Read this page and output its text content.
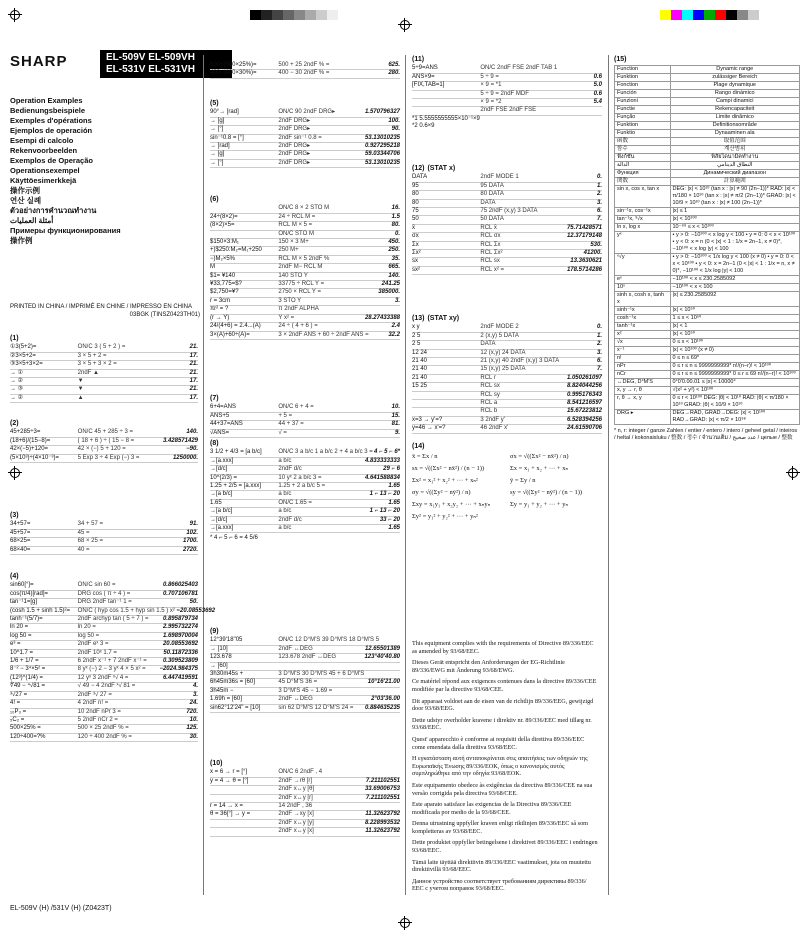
SHARP	EL-509V EL-509VH
EL-531V EL-531VH
Operation Examples
Bedienungsbeispiele
Exemples d'opérations
Ejemplos de operación
Esempi di calcolo
Rekenvoorbeelden
Exemplos de Operação
Operationsexempel
Käyttöesimerkkejä
操作示例
연산 실례
ตัวอย่างการคำนวณทำงาน
أمثلة العمليات
Примеры функционирования
操作例
PRINTED IN CHINA / IMPRIMÉ EN CHINE / IMPRESSO EN CHINA
03BGK (TINSZ0423TH01)
EL-509V (H) /531V (H) (Z0423T)
(1)
①3(5+2)=	ON/C 3 ( 5 + 2 ) =	21.
②3×5+2=	3 × 5 + 2 =	17.
③3×5+3×2=	3 × 5 + 3 × 2 =	21.
→ ①	2ndF ▲	21.
→ ②	▼	17.
→ ③	▼	21.
→ ②	▲	17.
(2)
45+285÷3=	ON/C 45 + 285 ÷ 3 =	140.
(18+6)/(15−8)=	( 18 + 6 ) ÷ ( 15 − 8 =	3.428571429
42×(−5)+120=	42 × (−) 5 + 120 =	−90.
(5×10³)÷(4×10⁻³)=	5 Exp 3 ÷ 4 Exp (−) 3 =	1250000.
(3)
34+57=	34 + 57 =	91.
45+57=	45 =	102.
68×25=	68 × 25 =	1700.
68×40=	40 =	2720.
(4)
sin60[°]=	ON/C sin 60 =	0.866025403
cos(π/4)[rad]=	DRG cos ( π ÷ 4 ) =	0.707106781
tan⁻¹1=[g]	DRG 2ndF tan⁻¹ 1 =	50.
(cosh 1.5 + sinh 1.5)²=	ON/C ( hyp cos 1.5 + hyp sin 1.5 ) x² = 20.08553692
tanh⁻¹(5/7)=	2ndF archyp tan ( 5 ÷ 7 ) =	0.895879734
ln 20 =	ln 20 =	2.995732274
log 50 =	log 50 =	1.698970004
e³ =	2ndF eˣ 3 =	20.08553692
10^1.7 =	2ndF 10ˣ 1.7 =	50.11872336
1/6 + 1/7 =	6 2ndF x⁻¹ + 7 2ndF x⁻¹ =	0.309523809
8⁻² − 3⁴×5² =	8 yˣ (−) 2 − 3 yˣ 4 × 5 x² =	−2024.984375
(12³)^(1/4) =	12 yˣ 3 2ndF ˣ√ 4 =	6.447419591
∜49 − ⁴√81 =	√ 49 − 4 2ndF ˣ√ 81 =	4.
³√27 =	2ndF ³√ 27 =	3.
4! =	4 2ndF n! =	24.
₁₀P₃ =	10 2ndF nPr 3 =	720.
₅C₂ =	5 2ndF nCr 2 =	10.
500×25% =	500 × 25 2ndF % =	125.
120÷400=?%	120 ÷ 400 2ndF % =	30.
500+(500×25%)=	500 + 25 2ndF % =	625.
400−(400×30%)=	400 − 30 2ndF % =	280.
(5)
90°→ [rad]	ON/C 90 2ndF DRG▸	1.570796327
→ [g]	2ndF DRG▸	100.
→ [°]	2ndF DRG▸	90.
sin⁻¹0.8 = [°]	2ndF sin⁻¹ 0.8 =	53.13010235
→ [rad]	2ndF DRG▸	0.927295218
→ [g]	2ndF DRG▸	59.03344706
→ [°]	2ndF DRG▸	53.13010235
(6)
ON/C 8 × 2 STO M	16.
24÷(8×2)=	24 ÷ RCL M =	1.5
(8×2)×5=	RCL M × 5 =	80.
ON/C STO M	0.
$150×3:M₁	150 × 3 M+	450.
+)$250:M₂=M₁+250	250 M+	250.
−)M₂×5%	RCL M × 5 2ndF %	35.
M	2ndF M− RCL M	665.
$1= ¥140	140 STO Y	140.
¥33,775=$?	33775 ÷ RCL Y =	241.25
$2,750=¥?	2750 × RCL Y =	385000.
r = 3cm	3 STO Y	3.
πr² = ?	π 2ndF ALPHA
(r → Y)	Y x² =	28.27433388
24/(4+6) = 2.4...(A)	24 ÷ ( 4 + 6 ) =	2.4
3×(A)+60÷(A)=	3 × 2ndF ANS + 60 ÷ 2ndF ANS =	32.2
(7)
6+4=ANS	ON/C 6 + 4 =	10.
ANS+5	+ 5 =	15.
44+37=ANS	44 + 37 =	81.
√ANS=	√ =	9.
(8)
3 1/2 + 4/3 = [a b/c]	ON/C 3 a b/c 1 a b/c 2 + 4 a b/c 3 = 4 ⌐ 5 ⌐ 6*
→[a.xxx]	a b/c	4.833333333
→[d/c]	2ndF d/c	29 ⌐ 6
10^(2/3) =	10 yˣ 2 a b/c 3 =	4.641588834
1.25 + 2/5 = [a.xxx]	1.25 + 2 a b/c 5 =	1.65
→[a b/c]	a b/c	1 ⌐ 13 ⌐ 20
1.65	ON/C 1.65 =	1.65
→[a b/c]	a b/c	1 ⌐ 13 ⌐ 20
→[d/c]	2ndF d/c	33 ⌐ 20
→[a.xxx]	a b/c	1.65
* 4 ⌐ 5 ⌐ 6 = 4 5/6
(9)
12°39'18"05	ON/C 12 D°M'S 39 D°M'S 18 D°M'S 5
→ [10]	2ndF ↔DEG	12.65501389
123.678	123.678 2ndF ↔DEG	123°40'40.80
→ [60]
3h30m45s +	3 D°M'S 30 D°M'S 45 + 6 D°M'S
6h45m36s = [60]	45 D°M'S 36 =	10°16'21.00
3h45m −	3 D°M'S 45 − 1.69 =
1.69h = [60]	2ndF ↔DEG	2°03'36.00
sin62°12'24" = [10]	sin 62 D°M'S 12 D°M'S 24 =	0.884635235
(10)
x = 6 → r = [°]	ON/C 6 2ndF , 4
y = 4 → θ = [°]	2ndF →rθ [r]	7.211102551
2ndF x↔y [θ]	33.69006753
2ndF x↔y [r]	7.211102551
r = 14 → x =	14 2ndF , 36
θ = 36[°] → y =	2ndF →xy [x]	11.32623792
2ndF x↔y [y]	8.228993532
2ndF x↔y [x]	11.32623792
(11)
5÷9=ANS	ON/C 2ndF FSE 2ndF TAB 1
ANS×9=	5 ÷ 9 =	0.6
[FIX,TAB=1]	× 9 = *1	5.0
5 ÷ 9 = 2ndF MDF	0.6
× 9 = *2	5.4
2ndF FSE 2ndF FSE
*1 5.5555555555×10⁻¹×9
*2 0.6×9
(12) (STAT x)
DATA	2ndF MODE 1	0.
95	95 DATA	1.
80	80 DATA	2.
80	DATA	3.
75	75 2ndF (x,y) 3 DATA	6.
50	50 DATA	7.
x̄	RCL x̄	75.71428571
σx	RCL σx	12.37179148
Σx	RCL Σx	530.
Σx²	RCL Σx²	41200.
sx	RCL sx	13.3630621
sx²	RCL x² =	178.5714286
(13) (STAT xy)
x y	2ndF MODE 2	0.
2 5	2 (x,y) 5 DATA	1.
2 5	DATA	2.
12 24	12 (x,y) 24 DATA	3.
21 40	21 (x,y) 40 2ndF (x,y) 3 DATA	6.
21 40	15 (x,y) 25 DATA	7.
21 40	RCL r	1.050261097
15 25	RCL sx	8.824044256
RCL sy	0.995176343
RCL a	8.541216597
RCL b	15.67223812
x=3 → y'=?	3 2ndF y'	6.528394256
y=46 → x'=?	46 2ndF x'	24.61590706
(14)
x̄ = Σx / n	σx = √((Σx² − nx̄²) / n)
sx = √((Σx² − nx̄²) / (n − 1))	Σx = x₁ + x₂ + ··· + xₙ
Σx² = x₁² + x₂² + ··· + xₙ²	ȳ = Σy / n
σy = √((Σy² − nȳ²) / n)	sy = √((Σy² − nȳ²) / (n − 1))
Σxy = x₁y₁ + x₂y₂ + ··· + xₙyₙ	Σy = y₁ + y₂ + ··· + yₙ
Σy² = y₁² + y₂² + ··· + yₙ²

This equipment complies with the requirements of Directive 89/336/EEC as amended by 93/68/EEC.

Dieses Gerät entspricht den Anforderungen der EG-Richtlinie 89/336/EWG mit Änderung 93/68/EWG.

Ce matériel répond aux exigences contenues dans la directive 89/336/CEE modifiée par la directive 93/68/CEE.

Dit apparaat voldoet aan de eisen van de richtlijn 89/336/EEG, gewijzigd door 93/68/EEG.

Dette udstyr overholder kravene i direktiv nr. 89/336/EEC med tillæg nr. 93/68/EEC.

Quest' apparecchio è conforme ai requisiti della direttiva 89/336/EEC come emendata dalla direttiva 93/68/EEC.

Η εγκατάσταση αυτή ανταποκρίνεται στις απαιτήσεις των οδηγιών της Ευρωπαϊκής Ένωσης 89/336/ΕΟΚ, όπως ο κανονισμός αυτός συμπληρώθηκε από την οδηγία 93/68/ΕΟΚ.

Este equipamento obedece às exigências da directiva 89/336/CEE na sua versão corrigida pela directiva 93/68/CEE.

Este aparato satisface las exigencias de la Directiva 89/336/CEE modificada por medio de la 93/68/CEE.

Denna utrustning uppfyller kraven enligt riktlinjen 89/336/EEC så som kompletteras av 93/68/EEC.

Dette produktet oppfyller betingelsene i direktivet 89/336/EEC i endringen 93/68/EEC.

Tämä laite täyttää direktiivin 89/336/EEC vaatimukset, jota on muutettu direktiivillä 93/68/EEC.

Данное устройство соответствует требованиям директивы 89/336/ЕЕС с учетом поправок 93/68/ЕЕС.

(15)
Function	Dynamic range
Funktion	zulässiger Bereich
Fonction	Plage dynamique
Función	Rango dinámico
Funzioni	Campi dinamici
Functie	Rekencapaciteit
Função	Limite dinâmico
Funktion	Definitionsområde
Funktio	Dynaaminen ala
函数	取值范围
함수	계산범위
ฟังก์ชัน	พิสัยไดนามิคทำงาน
الدالة	النطاق الدينامي
Функция	Динамический диапазон
関数	計算範囲
sin x, cos x, tan x	DEG: |x| < 10¹⁰ (tan x : |x| ≠ 90 (2n−1))* RAD: |x| < π/180 × 10¹⁰ (tan x : |x| ≠ π/2 (2n−1))* GRAD: |x| < 10/9 × 10¹⁰ (tan x : |x| ≠ 100 (2n−1))*
sin⁻¹x, cos⁻¹x	|x| ≤ 1
tan⁻¹x, ³√x	|x| < 10¹⁰⁰
ln x, log x	10⁻⁹⁹ ≤ x < 10¹⁰⁰
yˣ	• y > 0: −10¹⁰⁰ < x log y < 100 • y = 0: 0 < x < 10¹⁰⁰ • y < 0: x = n (0 < |x| < 1 : 1/x = 2n−1, x ≠ 0)*, −10¹⁰⁰ < x log |y| < 100
ˣ√y	• y > 0: −10¹⁰⁰ < 1/x log y < 100 (x ≠ 0) • y = 0: 0 < x < 10¹⁰⁰ • y < 0: x = 2n−1 (0 < |x| < 1 : 1/x = n, x ≠ 0)*, −10¹⁰⁰ < 1/x log |y| < 100
eˣ	−10¹⁰⁰ < x ≤ 230.2585092
10ˣ	−10¹⁰⁰ < x < 100
sinh x, cosh x, tanh x	|x| ≤ 230.2585092
sinh⁻¹x	|x| < 10⁵⁰
cosh⁻¹x	1 ≤ x < 10⁵⁰
tanh⁻¹x	|x| < 1
x²	|x| < 10⁵⁰
√x	0 ≤ x < 10¹⁰⁰
x⁻¹	|x| < 10¹⁰⁰ (x ≠ 0)
n!	0 ≤ n ≤ 69*
nPr	0 ≤ r ≤ n ≤ 9999999999* n!/(n−r)! < 10¹⁰⁰
nCr	0 ≤ r ≤ n ≤ 9999999999* 0 ≤ r ≤ 69 n!/(n−r)! < 10¹⁰⁰
↔DEG, D°M'S	0°0'0.00.01 ≤ |x| < 10000°
x, y → r, θ	√(x² + y²) < 10¹⁰⁰
r, θ → x, y	0 ≤ r < 10¹⁰⁰ DEG: |θ| < 10¹⁰ RAD: |θ| < π/180 × 10¹⁰ GRAD: |θ| < 10/9 × 10¹⁰
DRG ▸	DEG→RAD, GRAD→DEG: |x| < 10¹⁰⁰ RAD→GRAD: |x| < π/2 × 10⁹⁸
* n, r: integer / ganze Zahlen / entier / entero / intero / geheel getal / inteiros / heltal / kokonaisluku / 整数 / 정수 / จำนวนเต็ม / عدد صحيح / целые / 整数
